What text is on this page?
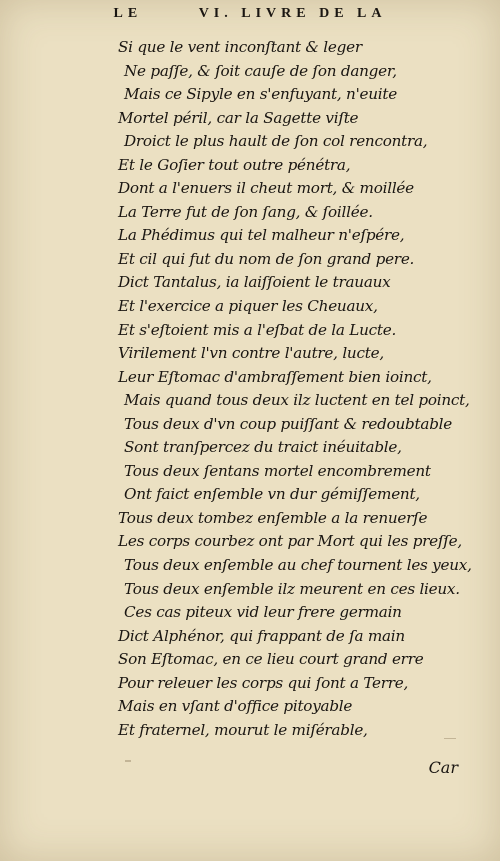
LE	VI. LIVRE DE LA
Si que le vent inconſtant & leger
Ne paſſe, & ſoit cauſe de ſon danger,
Mais ce Sipyle en s'enfuyant, n'euite
Mortel péril, car la Sagette viſte
Droict le plus hault de ſon col rencontra,
Et le Goſier tout outre pénétra,
Dont a l'enuers il cheut mort, & moillée
La Terre fut de ſon ſang, & ſoillée.
La Phédimus qui tel malheur n'eſpére,
Et cil qui fut du nom de ſon grand pere.
Dict Tantalus, ia laiſſoient le trauaux
Et l'exercice a piquer les Cheuaux,
Et s'eſtoient mis a l'eſbat de la Lucte.
Virilement l'vn contre l'autre, lucte,
Leur Eſtomac d'ambraſſement bien ioinct,
Mais quand tous deux ilz luctent en tel poinct,
Tous deux d'vn coup puiſſant & redoubtable
Sont tranſpercez du traict inéuitable,
Tous deux ſentans mortel encombrement
Ont faict enſemble vn dur gémiſſement,
Tous deux tombez enſemble a la renuerſe
Les corps courbez ont par Mort qui les preſſe,
Tous deux enſemble au chef tournent les yeux,
Tous deux enſemble ilz meurent en ces lieux.
Ces cas piteux vid leur frere germain
Dict Alphénor, qui frappant de ſa main
Son Eſtomac, en ce lieu court grand erre
Pour releuer les corps qui ſont a Terre,
Mais en vſant d'office pitoyable
Et fraternel, mourut le miſérable,
Car
